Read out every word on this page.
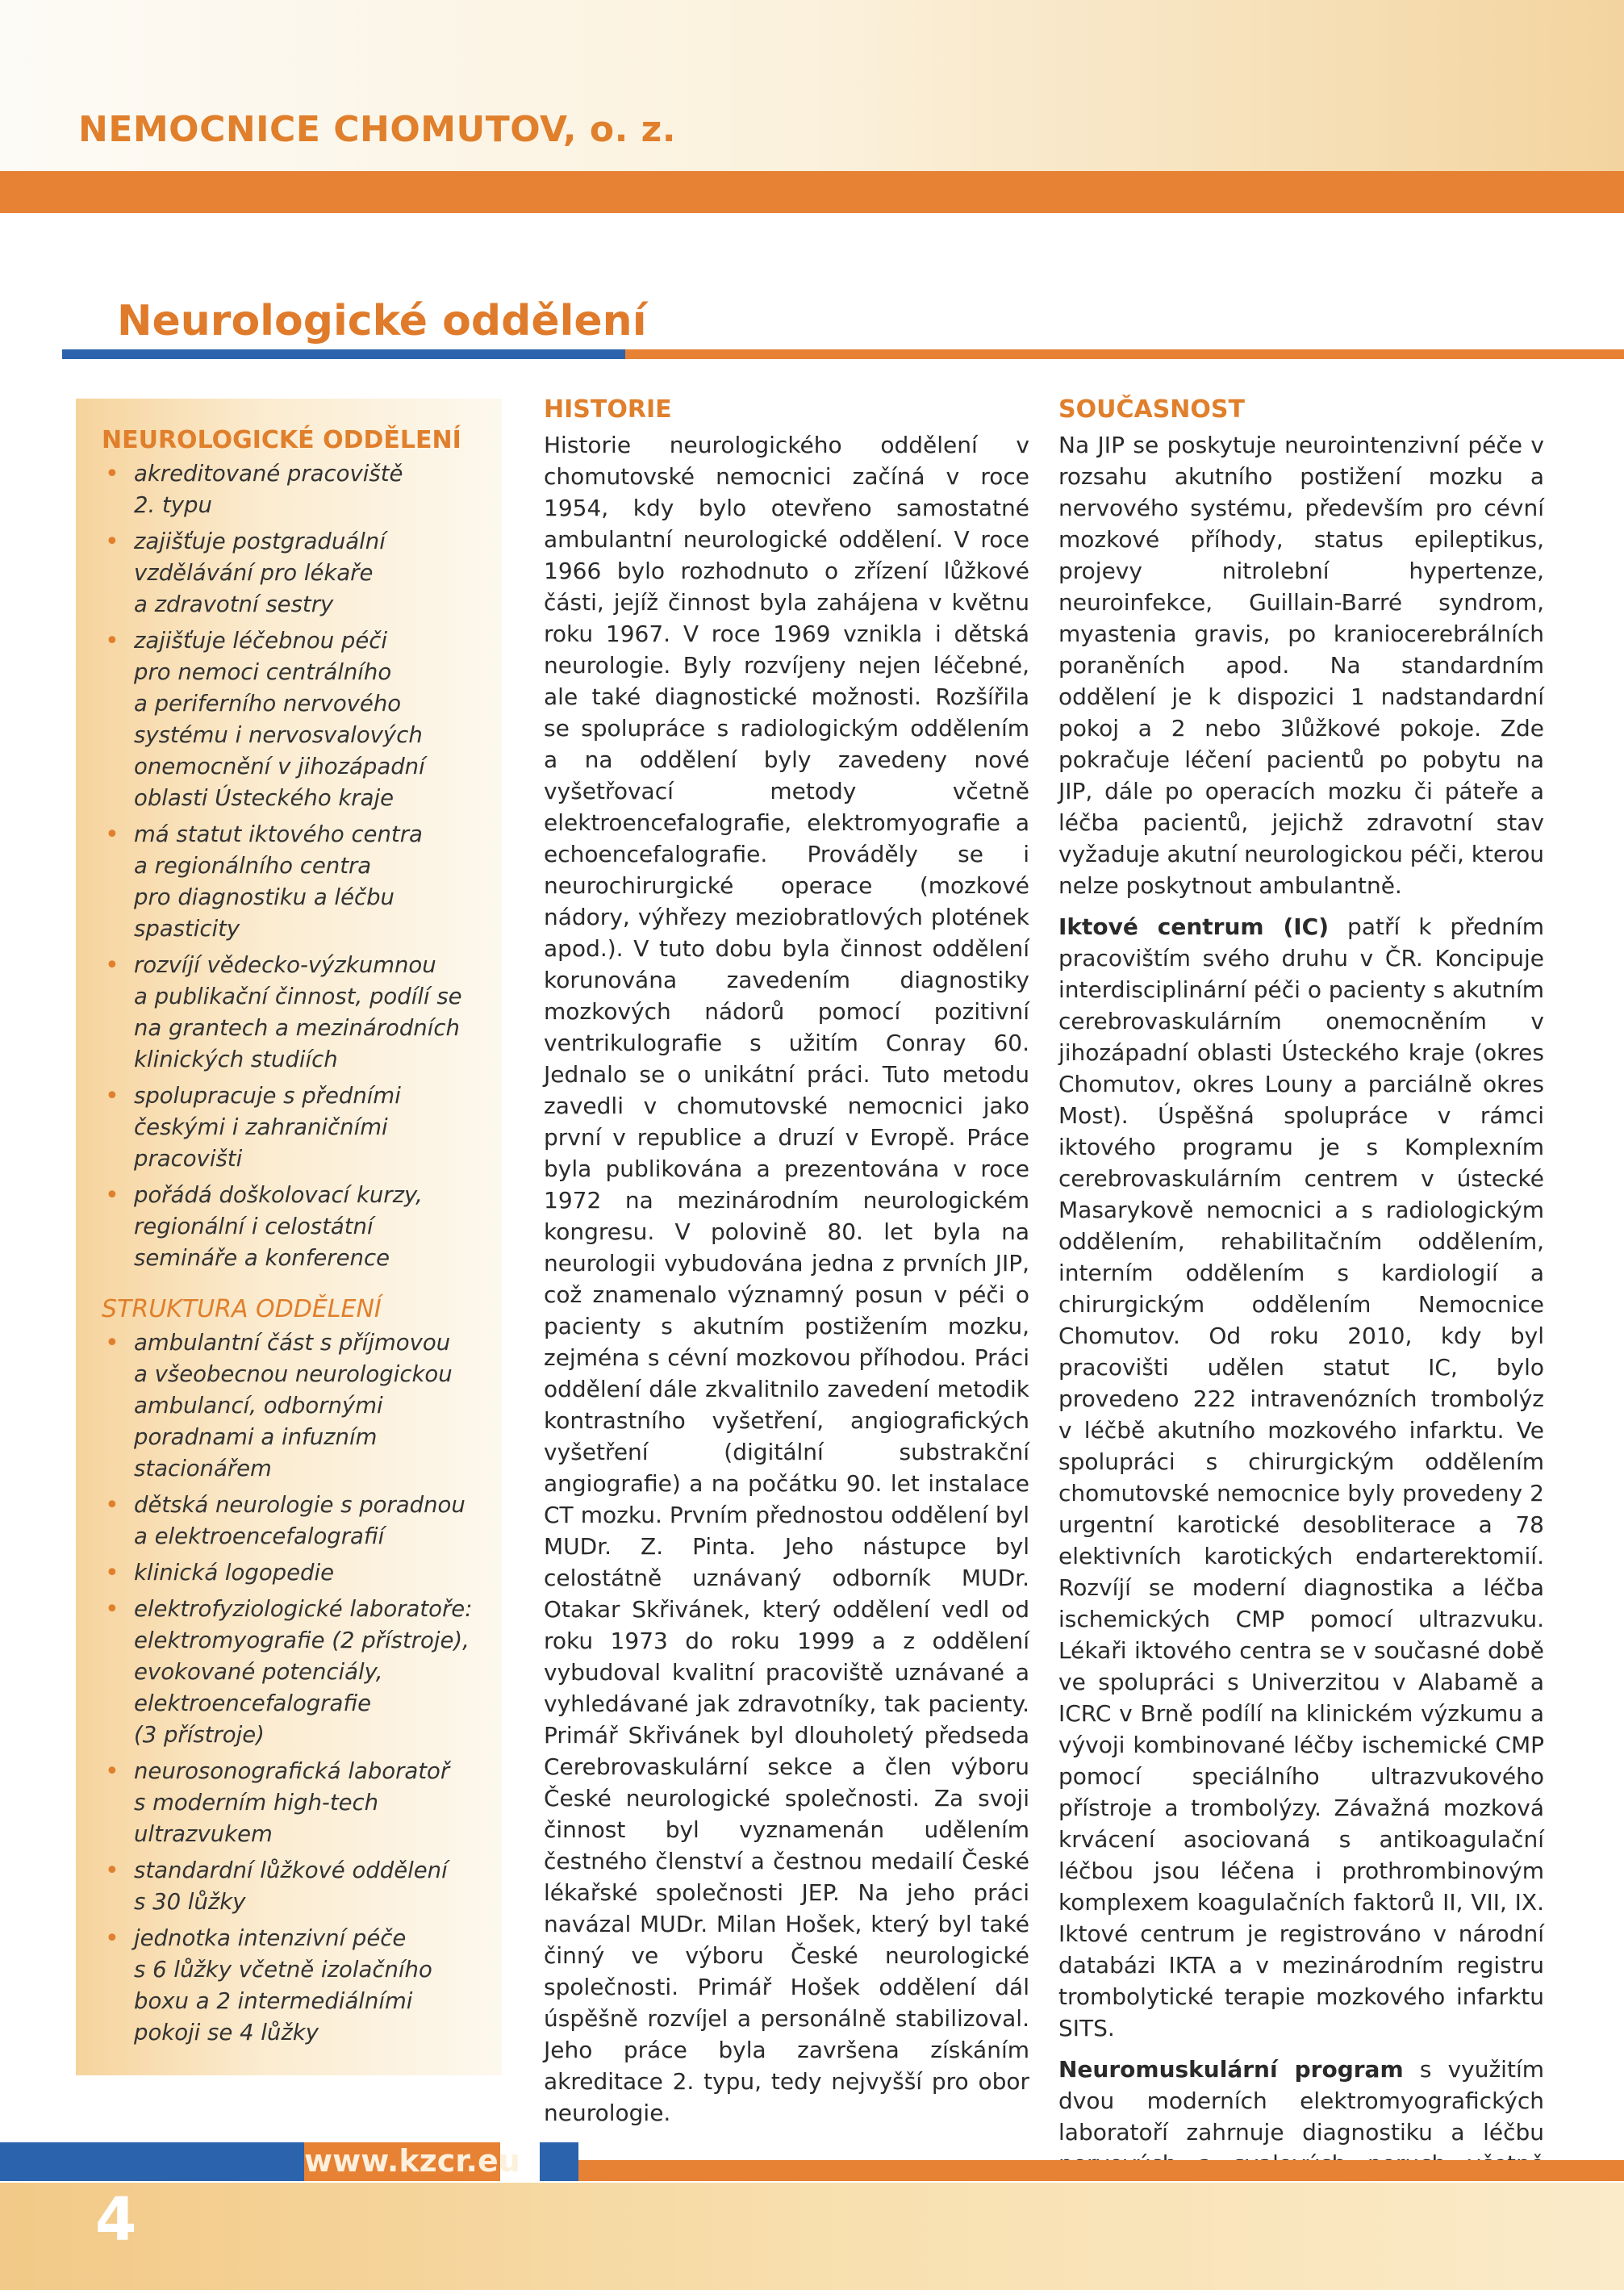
NEMOCNICE CHOMUTOV, o. z.
Neurologické oddělení
NEUROLOGICKÉ ODDĚLENÍ
• akreditované pracoviště
2. typu
• zajišťuje postgraduální
vzdělávání pro lékaře
a zdravotní sestry
• zajišťuje léčebnou péči
pro nemoci centrálního
a periferního nervového
systému i nervosvalových
onemocnění v jihozápadní
oblasti Ústeckého kraje
• má statut iktového centra
a regionálního centra
pro diagnostiku a léčbu
spasticity
• rozvíjí vědecko-výzkumnou
a publikační činnost, podílí se
na grantech a mezinárodních
klinických studiích
• spolupracuje s předními
českými i zahraničními
pracovišti
• pořádá doškolovací kurzy,
regionální i celostátní
semináře a konference
STRUKTURA ODDĚLENÍ
• ambulantní část s příjmovou
a všeobecnou neurologickou
ambulancí, odbornými
poradnami a infuzním
stacionářem
• dětská neurologie s poradnou
a elektroencefalografií
• klinická logopedie
• elektrofyziologické laboratoře:
elektromyografie (2 přístroje),
evokované potenciály,
elektroencefalografie
(3 přístroje)
• neurosonografická laboratoř
s moderním high-tech
ultrazvukem
• standardní lůžkové oddělení
s 30 lůžky
• jednotka intenzivní péče
s 6 lůžky včetně izolačního
boxu a 2 intermediálními
pokoji se 4 lůžky
HISTORIE

Historie neurologického oddělení v chomutovské nemocnici začíná v roce 1954, kdy bylo otevřeno samostatné ambulantní neurologické oddělení. V roce 1966 bylo rozhodnuto o zřízení lůžkové části, jejíž činnost byla zahájena v květnu roku 1967. V roce 1969 vznikla i dětská neurologie. Byly rozvíjeny nejen léčebné, ale také diagnostické možnosti. Rozšířila se spolupráce s radiologickým oddělením a na oddělení byly zavedeny nové vyšetřovací metody včetně elektroencefalografie, elektromyografie a echoencefalografie. Prováděly se i neurochirurgické operace (mozkové nádory, výhřezy meziobratlových plotének apod.). V tuto dobu byla činnost oddělení korunována zavedením diagnostiky mozkových nádorů pomocí pozitivní ventrikulografie s užitím Conray 60. Jednalo se o unikátní práci. Tuto metodu zavedli v chomutovské nemocnici jako první v republice a druzí v Evropě. Práce byla publikována a prezentována v roce 1972 na mezinárodním neurologickém kongresu. V polovině 80. let byla na neurologii vybudována jedna z prvních JIP, což znamenalo významný posun v péči o pacienty s akutním postižením mozku, zejména s cévní mozkovou příhodou. Práci oddělení dále zkvalitnilo zavedení metodik kontrastního vyšetření, angiografických vyšetření (digitální substrakční angiografie) a na počátku 90. let instalace CT mozku. Prvním přednostou oddělení byl MUDr. Z. Pinta. Jeho nástupce byl celostátně uznávaný odborník MUDr. Otakar Skřivánek, který oddělení vedl od roku 1973 do roku 1999 a z oddělení vybudoval kvalitní pracoviště uznávané a vyhledávané jak zdravotníky, tak pacienty. Primář Skřivánek byl dlouholetý předseda Cerebrovaskulární sekce a člen výboru České neurologické společnosti. Za svoji činnost byl vyznamenán udělením čestného členství a čestnou medailí České lékařské společnosti JEP. Na jeho práci navázal MUDr. Milan Hošek, který byl také činný ve výboru České neurologické společnosti. Primář Hošek oddělení dál úspěšně rozvíjel a personálně stabilizoval. Jeho práce byla završena získáním akreditace 2. typu, tedy nejvyšší pro obor neurologie.

SOUČASNOST

Na JIP se poskytuje neurointenzivní péče v rozsahu akutního postižení mozku a nervového systému, především pro cévní mozkové příhody, status epileptikus, projevy nitrolební hypertenze, neuroinfekce, Guillain-Barré syndrom, myastenia gravis, po kraniocerebrálních poraněních apod. Na standardním oddělení je k dispozici 1 nadstandardní pokoj a 2 nebo 3lůžkové pokoje. Zde pokračuje léčení pacientů po pobytu na JIP, dále po operacích mozku či páteře a léčba pacientů, jejichž zdravotní stav vyžaduje akutní neurologickou péči, kterou nelze poskytnout ambulantně.

Iktové centrum (IC) patří k předním pracovištím svého druhu v ČR. Koncipuje interdisciplinární péči o pacienty s akutním cerebrovaskulárním onemocněním v jihozápadní oblasti Ústeckého kraje (okres Chomutov, okres Louny a parciálně okres Most). Úspěšná spolupráce v rámci iktového programu je s Komplexním cerebrovaskulárním centrem v ústecké Masarykově nemocnici a s radiologickým oddělením, rehabilitačním oddělením, interním oddělením s kardiologií a chirurgickým oddělením Nemocnice Chomutov. Od roku 2010, kdy byl pracovišti udělen statut IC, bylo provedeno 222 intravenózních trombolýz v léčbě akutního mozkového infarktu. Ve spolupráci s chirurgickým oddělením chomutovské nemocnice byly provedeny 2 urgentní karotické desobliterace a 78 elektivních karotických endarterektomií. Rozvíjí se moderní diagnostika a léčba ischemických CMP pomocí ultrazvuku. Lékaři iktového centra se v současné době ve spolupráci s Univerzitou v Alabamě a ICRC v Brně podílí na klinickém výzkumu a vývoji kombinované léčby ischemické CMP pomocí speciálního ultrazvukového přístroje a trombolýzy. Závažná mozková krvácení asociovaná s antikoagulační léčbou jsou léčena i prothrombinovým komplexem koagulačních faktorů II, VII, IX. Iktové centrum je registrováno v národní databázi IKTA a v mezinárodním registru trombolytické terapie mozkového infarktu SITS.

Neuromuskulární program s využitím dvou moderních elektromyografických laboratoří zahrnuje diagnostiku a léčbu

www.kzcr.eu
4
